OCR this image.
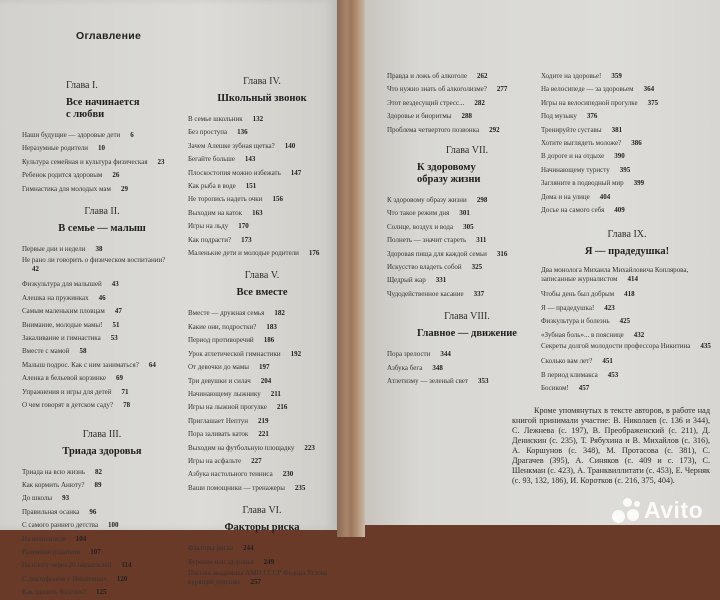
Оглавление
Глава I.
Все начинается с любви
Наши будущие — здоровые дети 6
Неразумные родители 10
Культура семейная и культура физическая 23
Ребенок родится здоровым 26
Гимнастика для молодых мам 29
Глава II.
В семье — малыш
Первые дни и недели 38
Не рано ли говорить о физическом воспитании?42
Физкультура для малышей 43
Алешка на пружинках 46
Самым маленьким пловцам 47
Внимание, молодые мамы! 51
Закаливание и гимнастика 53
Вместе с мамой 58
Малыш подрос. Как с ним заниматься? 64
Аленка в бельевой корзинке 69
Упражнения и игры для детей 71
О чем говорят в детском саду? 78
Глава III.
Триада здоровья
Триада на всю жизнь 82
Как кормить Анюту? 89
До школы 93
Правильная осанка 96
С самого раннего детства 100
На велосипеде 104
Разумные родители 107
На плоту через 20 параллелей 114
С диктофоном у Никитиных 120
Как одолеть болезнь? 125
Глава IV.
Школьный звонок
В семье школьник 132
Без проступа 136
Зачем Алешке зубная щетка? 140
Бегайте больше 143
Плоскостопия можно избежать 147
Как рыба в воде 151
Не торопись надеть очки 156
Выходим на каток 163
Игры на льду 170
Как подрасти? 173
Маленькие дети и молодые родители 176
Глава V.
Все вместе
Вместе — дружная семья 182
Какие они, подростки? 183
Период противоречий 186
Урок атлетической гимнастики 192
От девочки до мамы 197
Три девушки и силач 204
Начинающему лыжнику 211
Игры на лыжной прогулке 216
Приглашает Нептун 219
Пора заливать каток 221
Выходим на футбольную площадку 223
Игры на асфальте 227
Азбука настольного тенниса 230
Ваши помощники — тренажеры 235
Глава VI.
Факторы риска
Факторы риска 244
Курение или здоровье 249
Письмо академика АМН СССР Федора Углова курящей девушке 257
Правда и ложь об алкоголе 262
Что нужно знать об алкоголизме? 277
Этот вездесущий стресс... 282
Здоровье и биоритмы 288
Проблема четвертого позвонка 292
Глава VII.
К здоровому образу жизни
К здоровому образу жизни 298
Что такое режим дня 301
Солнце, воздух и вода 305
Полнеть — значит стареть 311
Здоровая пища для каждой семьи 316
Искусство владеть собой 325
Щедрый жар 331
Чудодейственное касание 337
Глава VIII.
Главное — движение
Пора зрелости 344
Азбука бега 348
Атлетизму — зеленый свет 353
Ходите на здоровье! 359
На велосипеде — за здоровьем 364
Игры на велосипедной прогулке 375
Под музыку 376
Тренируйте суставы 381
Хотите выглядеть моложе? 386
В дороге и на отдыхе 390
Начинающему туристу 395
Загляните в подводный мир 399
Дома и на улице 404
Досье на самого себя 409
Глава IX.
Я — прадедушка!
Два монолога Михаила Михайловича Коплярова, записанные журналистом 414
Чтобы день был добрым 418
Я — прадедушка! 423
Физкультура и болезнь 425
«Зубная боль»... в пояснице 432
Секреты долгой молодости профессора Никитина 435
Сколько вам лет? 451
В период климакса 453
Босиком! 457
Кроме упомянутых в тексте авторов, в работе над книгой принимали участие: В. Николаев (с. 136 и 344), С. Лежнева (с. 197), В. Преображенский (с. 211), Д. Денискин (с. 235), Т. Рябухина и В. Михайлов (с. 316), А. Коршунов (с. 348), М. Протасова (с. 381), С. Драгачев (395), А. Синяков (с. 409 и с. 173), С. Шенкман (с. 423), А. Транквиллитати (с. 453), Е. Черняк (с. 93, 132, 186), И. Коротков (с. 216, 375, 404).
Avito
